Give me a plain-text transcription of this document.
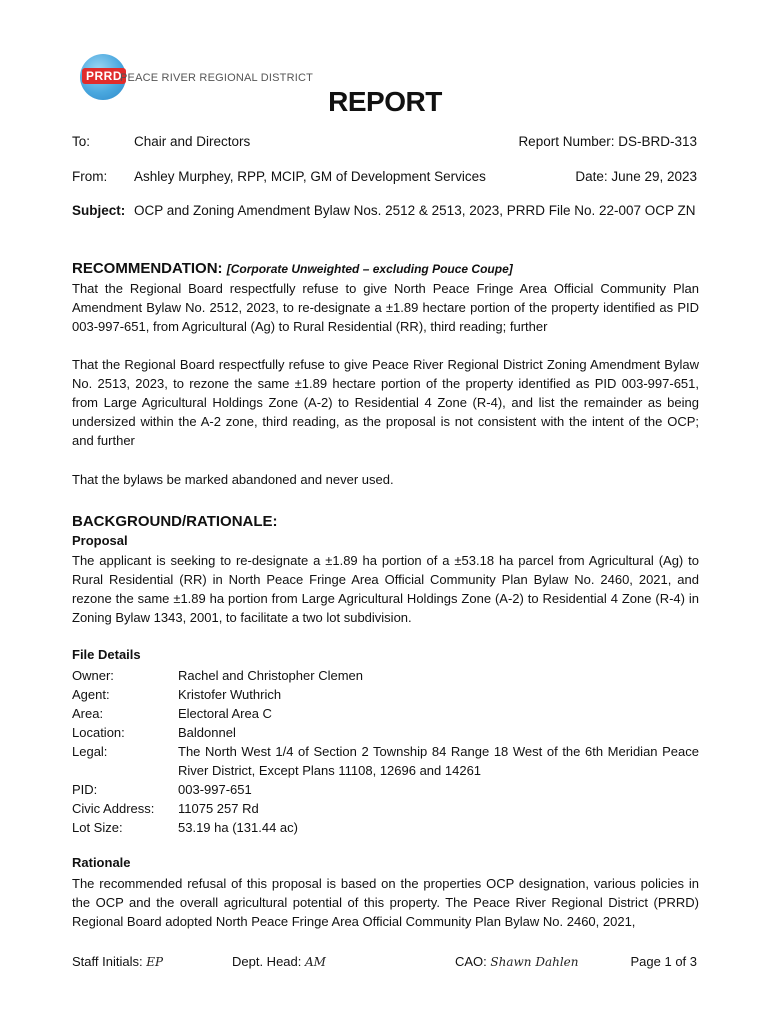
PRRD
PEACE RIVER REGIONAL DISTRICT
REPORT
To:	Chair and Directors	Report Number: DS-BRD-313
From: Ashley Murphey, RPP, MCIP, GM of Development Services	Date: June 29, 2023
Subject: OCP and Zoning Amendment Bylaw Nos. 2512 & 2513, 2023, PRRD File No. 22-007 OCP ZN
RECOMMENDATION: [Corporate Unweighted – excluding Pouce Coupe]
That the Regional Board respectfully refuse to give North Peace Fringe Area Official Community Plan Amendment Bylaw No. 2512, 2023, to re-designate a ±1.89 hectare portion of the property identified as PID 003-997-651, from Agricultural (Ag) to Rural Residential (RR), third reading; further
That the Regional Board respectfully refuse to give Peace River Regional District Zoning Amendment Bylaw No. 2513, 2023, to rezone the same ±1.89 hectare portion of the property identified as PID 003-997-651, from Large Agricultural Holdings Zone (A-2) to Residential 4 Zone (R-4), and list the remainder as being undersized within the A-2 zone, third reading, as the proposal is not consistent with the intent of the OCP; and further
That the bylaws be marked abandoned and never used.
BACKGROUND/RATIONALE:
Proposal
The applicant is seeking to re-designate a ±1.89 ha portion of a ±53.18 ha parcel from Agricultural (Ag) to Rural Residential (RR) in North Peace Fringe Area Official Community Plan Bylaw No. 2460, 2021, and rezone the same ±1.89 ha portion from Large Agricultural Holdings Zone (A-2) to Residential 4 Zone (R-4) in Zoning Bylaw 1343, 2001, to facilitate a two lot subdivision.
File Details
Owner:	Rachel and Christopher Clemen
Agent:	Kristofer Wuthrich
Area:	Electoral Area C
Location:	Baldonnel
Legal:	The North West 1/4 of Section 2 Township 84 Range 18 West of the 6th Meridian Peace River District, Except Plans 11108, 12696 and 14261
PID:	003-997-651
Civic Address:	11075 257 Rd
Lot Size:	53.19 ha (131.44 ac)
Rationale
The recommended refusal of this proposal is based on the properties OCP designation, various policies in the OCP and the overall agricultural potential of this property. The Peace River Regional District (PRRD) Regional Board adopted North Peace Fringe Area Official Community Plan Bylaw No. 2460, 2021,
Staff Initials: EP	Dept. Head: AM	CAO: Shawn Dahlen	Page 1 of 3
